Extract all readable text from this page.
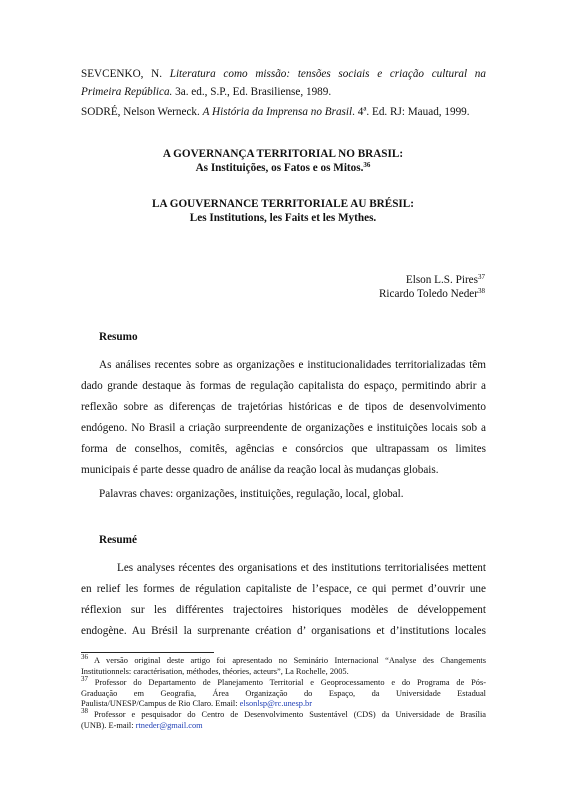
SEVCENKO, N. Literatura como missão: tensões sociais e criação cultural na
Primeira República. 3a. ed., S.P., Ed. Brasiliense, 1989.
SODRÉ, Nelson Werneck. A História da Imprensa no Brasil. 4ª. Ed. RJ: Mauad, 1999.
A GOVERNANÇA TERRITORIAL NO BRASIL:
As Instituições, os Fatos e os Mitos.$^{36}$
LA GOUVERNANCE TERRITORIALE AU BRÉSIL:
Les Institutions, les Faits et les Mythes.
Elson L.S. Pires$^{37}$
Ricardo Toledo Neder$^{38}$
Resumo
As análises recentes sobre as organizações e institucionalidades territorializadas têm
dado grande destaque às formas de regulação capitalista do espaço, permitindo abrir a
reflexão sobre as diferenças de trajetórias históricas e de tipos de desenvolvimento
endógeno. No Brasil a criação surpreendente de organizações e instituições locais sob a
forma de conselhos, comitês, agências e consórcios que ultrapassam os limites
municipais é parte desse quadro de análise da reação local às mudanças globais.
Palavras chaves: organizações, instituições, regulação, local, global.
Resumé
Les analyses récentes des organisations et des institutions territorialisées mettent
en relief les formes de régulation capitaliste de l’espace, ce qui permet d’ouvrir une
réflexion sur les différentes trajectoires historiques modèles de développement
endogène. Au Brésil la surprenante création d’ organisations et d’institutions locales
$^{36}$ A versão original deste artigo foi apresentado no Seminário Internacional “Analyse des Changements
Institutionnels: caractérisation, méthodes, théories, acteurs”, La Rochelle, 2005.
$^{37}$ Professor do Departamento de Planejamento Territorial e Geoprocessamento e do Programa de Pós-
Graduação em Geografia, Área Organização do Espaço, da Universidade Estadual
Paulista/UNESP/Campus de Rio Claro. Email: elsonlsp@rc.unesp.br
$^{38}$ Professor e pesquisador do Centro de Desenvolvimento Sustentável (CDS) da Universidade de Brasília
(UNB). E-mail: rtneder@gmail.com
